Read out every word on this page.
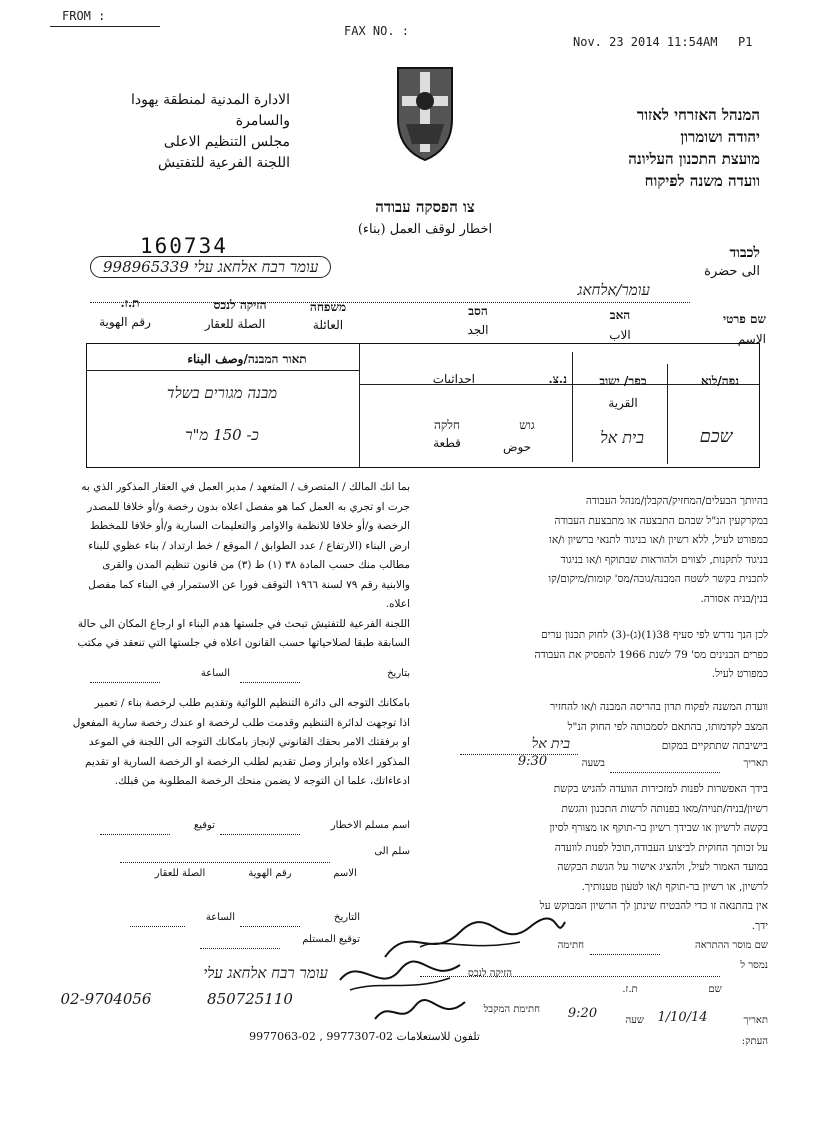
FROM :
FAX NO. :
Nov. 23 2014 11:54AM P1
الادارة المدنية لمنطقة يهودا
والسامرة
مجلس التنظيم الاعلى
اللجنة الفرعية للتفتيش
המנהל האזרחי לאזור
יהודה ושומרון
מועצת התכנון העליונה
וועדה משנה לפיקוח
צו הפסקה עבודה
اخطار لوقف العمل (بناء)
160734	לכבוד
الى حضرة
עומר רבח אלחאג עלי 998965339
עומר/אלחאג
שם פרטי
الاسم
האב
الاب
הסב
الجد
משפחה
العائلة
הזיקה לנכס
الصلة للعقار
ת.ז.
رقم الهوية
נפה/לוא
שכם
כפר/ ישוב
القرية
בית אל
נ.צ.
احداثيات
גוש
حوض
חלקה
قطعة
תאור המבנה/وصف البناء
מבנה מגורים בשלד
כ- 150 מ"ר
بما انك المالك / المتصرف / المتعهد / مدير العمل في العقار المذكور الذي به
جرت او تجري به العمل كما هو مفصل اعلاه بدون رخصة و/أو خلافا للمصدر
الرخصة و/أو خلافا للانظمة والاوامر والتعليمات السارية و/أو خلافا للمخطط
ارض البناء (الارتفاع / عدد الطوابق / الموقع / خط ارتداد / بناء عظوي للبناء
مطالب منك حسب المادة ٣٨ (١) ط (٣) من قانون تنظيم المدن والقرى
والابنية رقم ٧٩ لسنة ١٩٦٦ التوقف فورا عن الاستمرار في البناء كما مفصل
اعلاه.
اللجنة الفرعية للتفتيش تبحث في جلستها هدم البناء او ارجاع المكان الى حالة
السابقة طبقا لصلاحياتها حسب القانون اعلاه في جلستها التي تنعقد في مكتب
بتاريخ
الساعة
بامكانك التوجه الى دائرة التنظيم اللوائية وتقديم طلب لرخصة بناء / تعمير
اذا توجهت لدائرة التنظيم وقدمت طلب لرخصة او عندك رخصة سارية المفعول
او برفقتك الامر بحقك القانوني لإنجاز بامكانك التوجه الى اللجنة في الموعد
المذكور اعلاه وابراز وصل تقديم لطلب الرخصة او الرخصة السارية او تقديم
ادعاءاتك، علما ان التوجه لا يضمن منحك الرخصة المطلوبة من قبلك.
اسم مسلم الاخطار
توقيع
سلم الى
الاسم
رقم الهوية
الصلة للعقار
التاريخ
الساعة
توقيع المستلم
בהיותך הבעלים/המחזיק/הקבלן/מנהל העבודה
במקרקעין הנ"ל שבהם התבצעה או מתבצעת העבודה
כמפורט לעיל, ללא רשיון ו/או בניגוד לתנאי ברשיון ו/או
בניגוד לתקנות, לצווים ולהוראות שבתוקף ו/או בניגוד
לתכנית בקשר לשטח המבנה/גובה/מס' קומות/מיקום/קו
בנין/בניה אסורה.
לכן הנך נדרש לפי סעיף 38(1)(ג)-(3) לחוק תכנון ערים
כפרים הבנינים מס' 79 לשנת 1966 להפסיק את העבודה
כמפורט לעיל.
וועדת המשנה לפקוח תדון בהריסה המבנה ו/או להחזיר
המצב לקדמותו, בהתאם לסמכותה לפי החוק הנ"ל
בישיבתה שתתקיים במקום
בית אל
תאריך
בשעה
9:30
בידך האפשרות לפנות למזכירות הוועדה להגיש בקשת
רשיון/בניה/תנויה/מאו בפנותה לרשות התכנון והגשת
בקשה לרשיון או שבידך רשיון בר-תוקף או מצורף לסיון
על זכותך החוקית לביצוע העבודה,תוכל לפנות לוועדה
במועד האמור לעיל, ולהציג אישור על הגשת הבקשה
לרשיון, או רשיון בר-תוקף ו/או לטעון טענותיך.
אין בהתנאה זו כדי להבטיח שינתן לך הרשיון המבוקש על
ידך.
שם מוסר ההתראה
חתימה
נמסר ל
שם
ת.ז.
הזיקה לנכס
חתימת המקבל
תאריך
1/10/14
שעה
9:20
העתק:
עומר רבח אלחאג עלי
850725110
02-9704056
تلفون للاستعلامات 02-9977307 , 02-9977063
